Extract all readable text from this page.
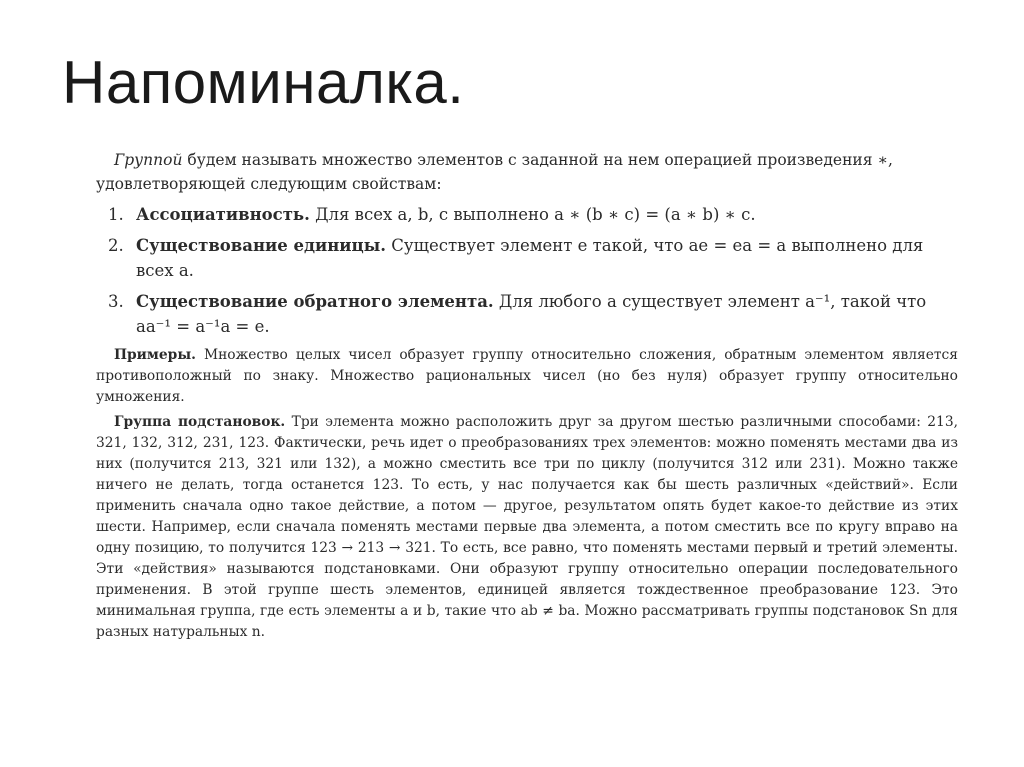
Напоминалка.

Группой будем называть множество элементов с заданной на нем операцией произведения ∗, удовлетворяющей следующим свойствам:

1. Ассоциативность. Для всех a, b, c выполнено a ∗ (b ∗ c) = (a ∗ b) ∗ c.
2. Существование единицы. Существует элемент e такой, что ae = ea = a выполнено для всех a.
3. Существование обратного элемента. Для любого a существует элемент a⁻¹, такой что aa⁻¹ = a⁻¹a = e.

Примеры. Множество целых чисел образует группу относительно сложения, обратным элементом является противоположный по знаку. Множество рациональных чисел (но без нуля) образует группу относительно умножения.

Группа подстановок. Три элемента можно расположить друг за другом шестью различными способами: 213, 321, 132, 312, 231, 123. Фактически, речь идет о преобразованиях трех элементов: можно поменять местами два из них (получится 213, 321 или 132), а можно сместить все три по циклу (получится 312 или 231). Можно также ничего не делать, тогда останется 123. То есть, у нас получается как бы шесть различных «действий». Если применить сначала одно такое действие, а потом — другое, результатом опять будет какое-то действие из этих шести. Например, если сначала поменять местами первые два элемента, а потом сместить все по кругу вправо на одну позицию, то получится 123 → 213 → 321. То есть, все равно, что поменять местами первый и третий элементы. Эти «действия» называются подстановками. Они образуют группу относительно операции последовательного применения. В этой группе шесть элементов, единицей является тождественное преобразование 123. Это минимальная группа, где есть элементы a и b, такие что ab ≠ ba. Можно рассматривать группы подстановок Sn для разных натуральных n.
